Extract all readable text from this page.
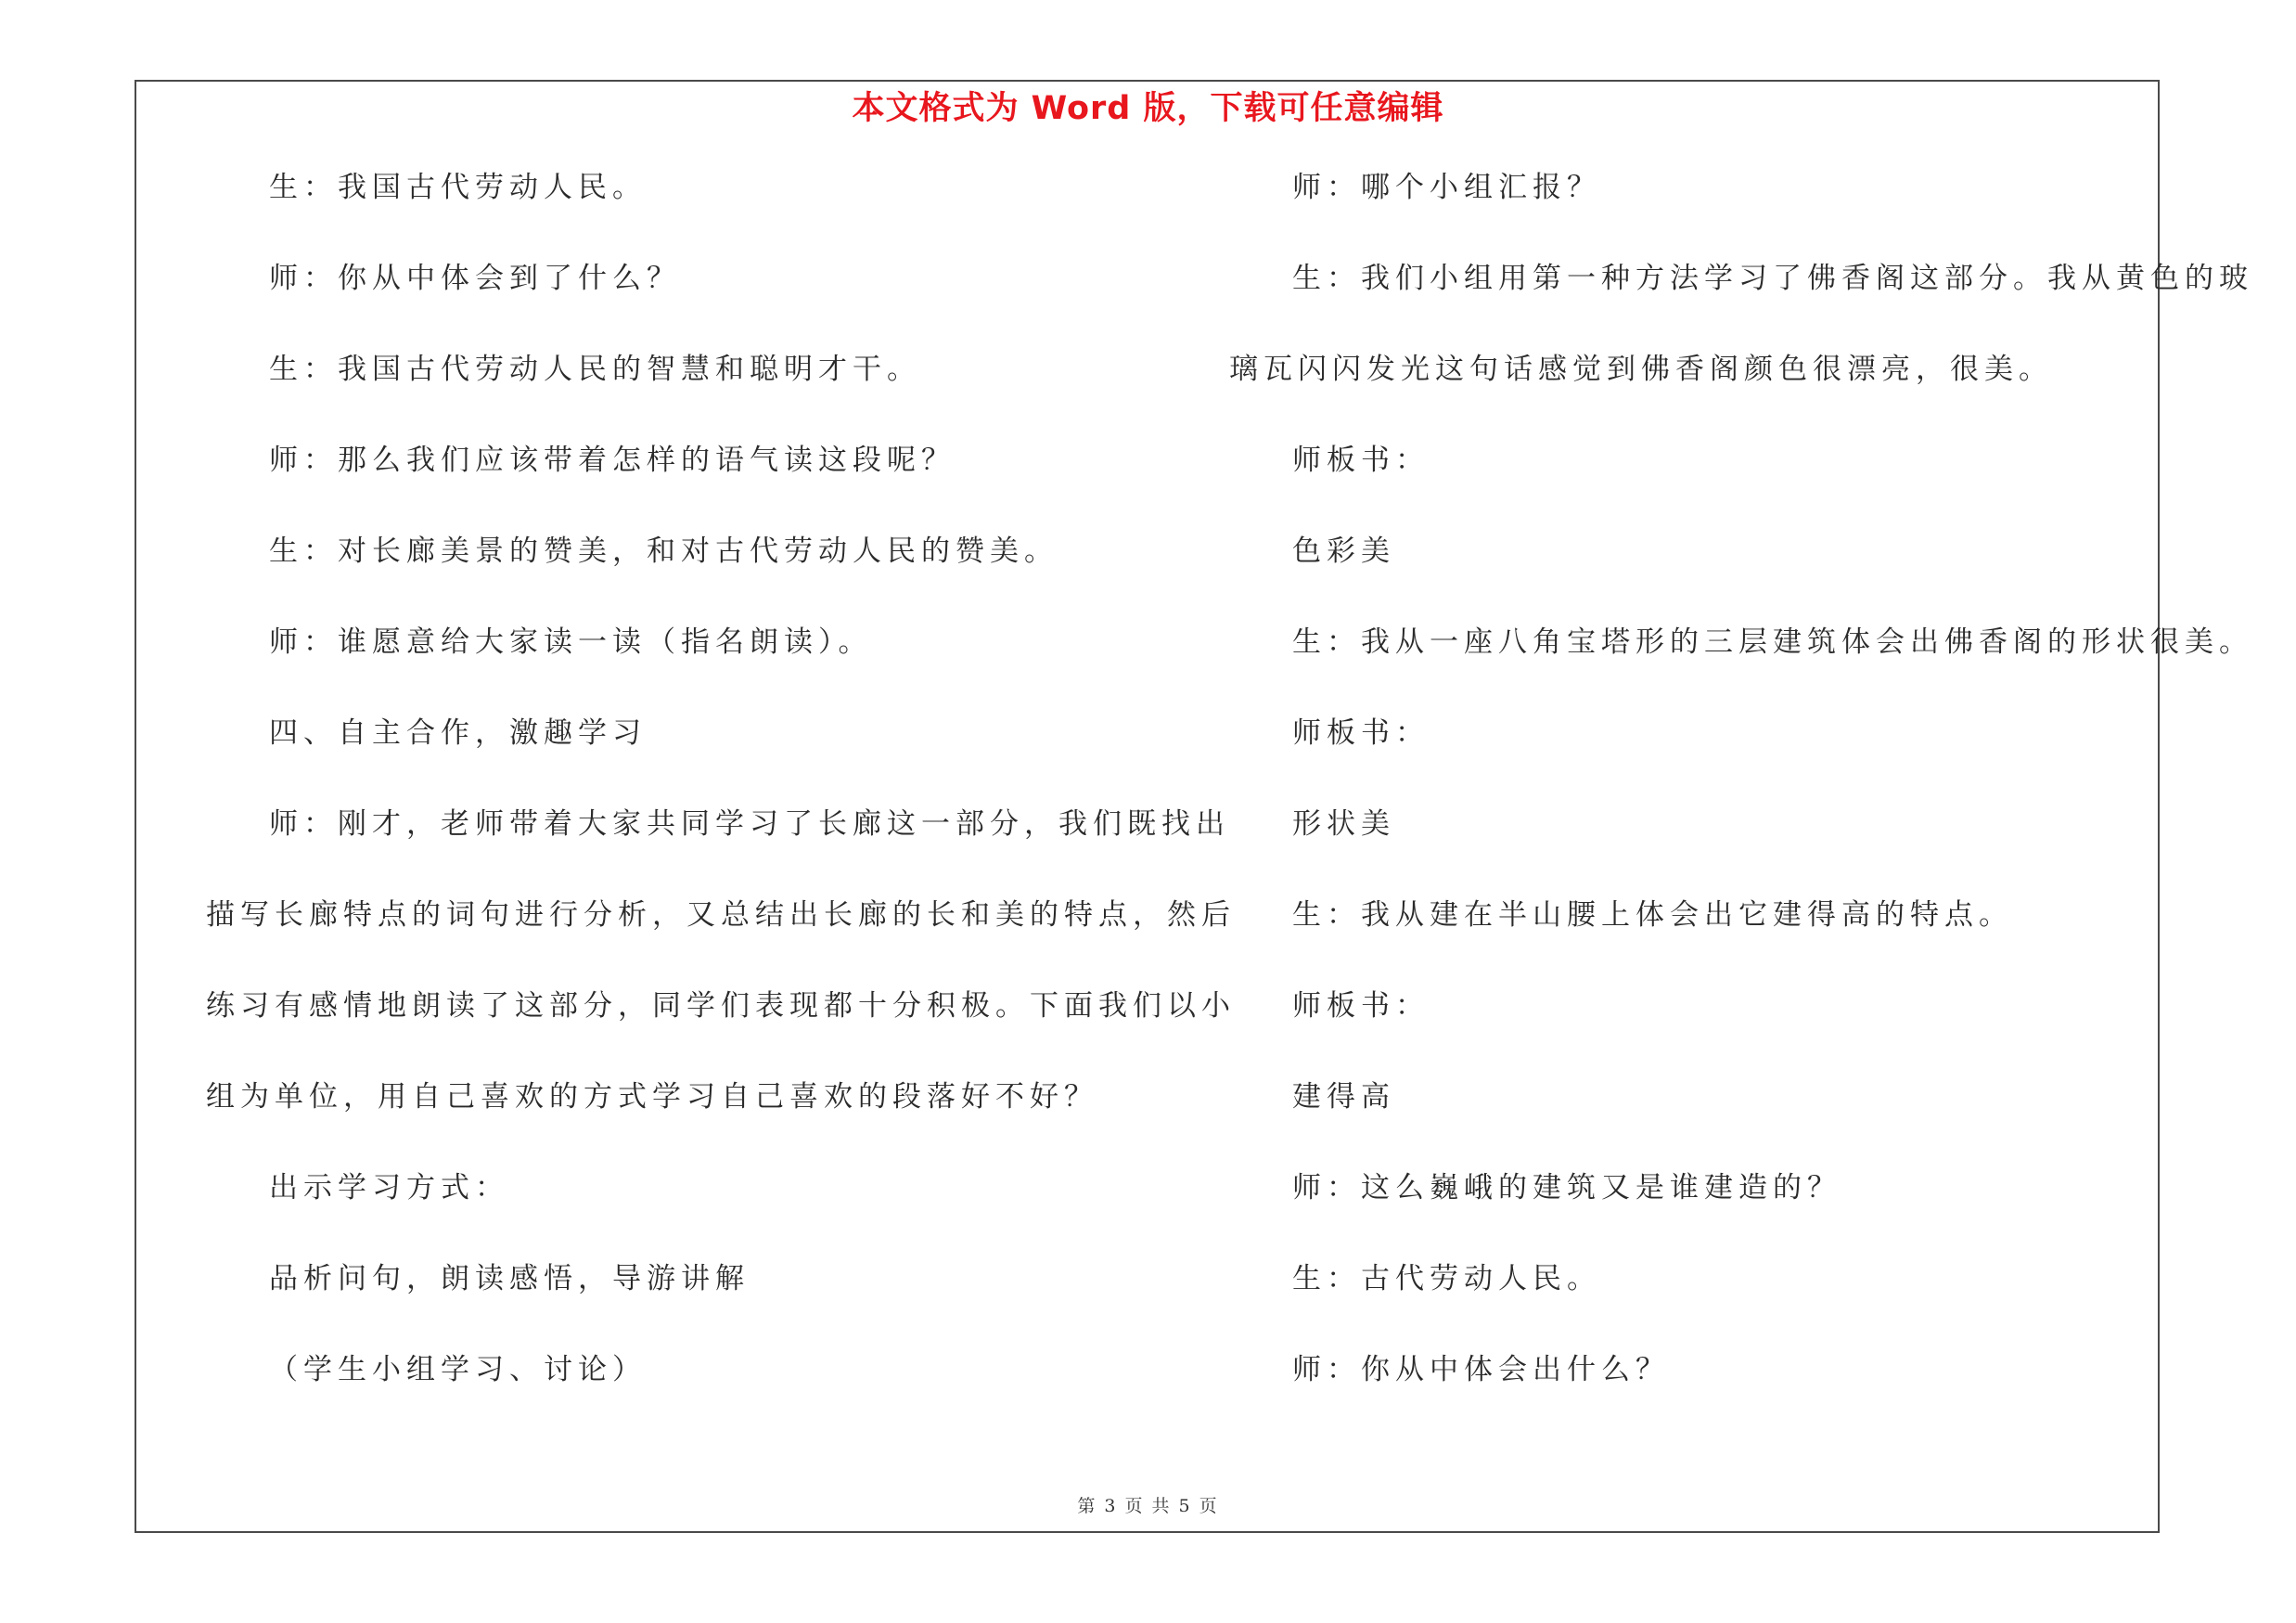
本文格式为 Word 版，下载可任意编辑
生：我国古代劳动人民。
师：你从中体会到了什么？
生：我国古代劳动人民的智慧和聪明才干。
师：那么我们应该带着怎样的语气读这段呢？
生：对长廊美景的赞美，和对古代劳动人民的赞美。
师：谁愿意给大家读一读（指名朗读）。
四、自主合作，激趣学习
师：刚才，老师带着大家共同学习了长廊这一部分，我们既找出
描写长廊特点的词句进行分析，又总结出长廊的长和美的特点，然后
练习有感情地朗读了这部分，同学们表现都十分积极。下面我们以小
组为单位，用自己喜欢的方式学习自己喜欢的段落好不好？
出示学习方式：
品析问句，朗读感悟，导游讲解
（学生小组学习、讨论）
师：哪个小组汇报？
生：我们小组用第一种方法学习了佛香阁这部分。我从黄色的玻
璃瓦闪闪发光这句话感觉到佛香阁颜色很漂亮，很美。
师板书：
色彩美
生：我从一座八角宝塔形的三层建筑体会出佛香阁的形状很美。
师板书：
形状美
生：我从建在半山腰上体会出它建得高的特点。
师板书：
建得高
师：这么巍峨的建筑又是谁建造的？
生：古代劳动人民。
师：你从中体会出什么？
第 3 页 共 5 页
